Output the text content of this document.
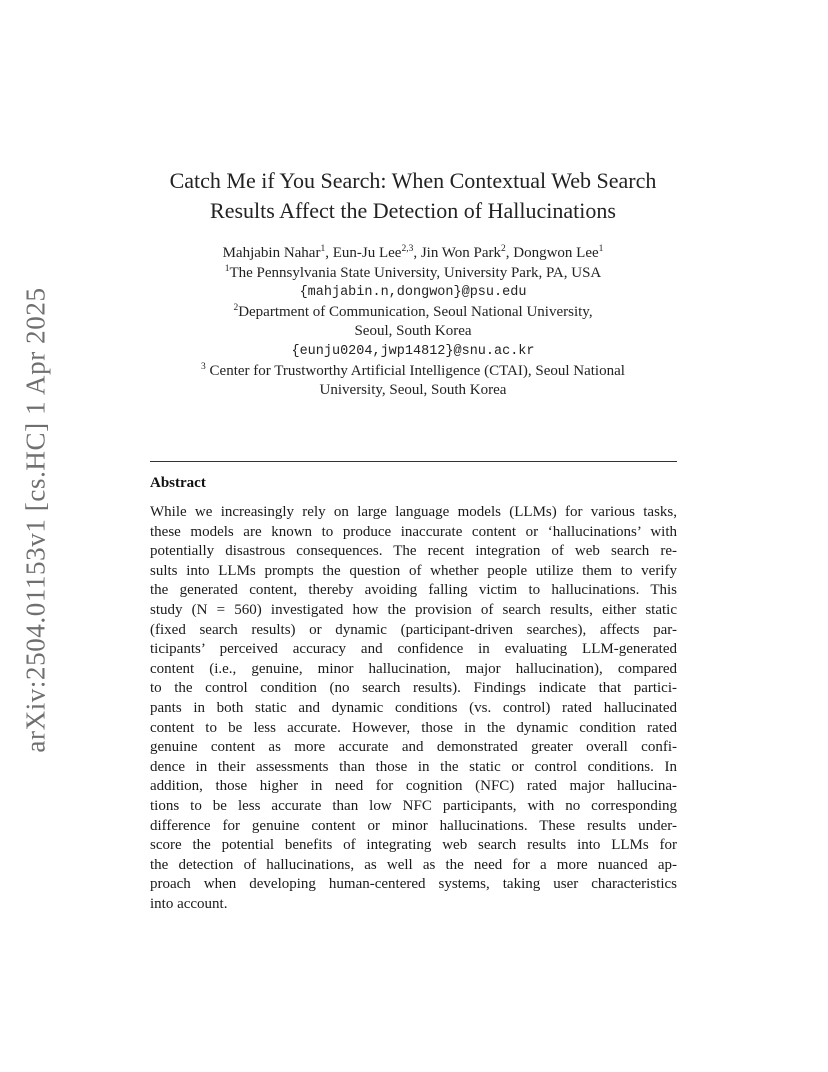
arXiv:2504.01153v1 [cs.HC] 1 Apr 2025
Catch Me if You Search: When Contextual Web Search
Results Affect the Detection of Hallucinations
Mahjabin Nahar$^1$, Eun-Ju Lee$^{2,3}$, Jin Won Park$^2$, Dongwon Lee$^1$
$^1$The Pennsylvania State University, University Park, PA, USA
{mahjabin.n,dongwon}@psu.edu
$^2$Department of Communication, Seoul National University,
Seoul, South Korea
{eunju0204,jwp14812}@snu.ac.kr
$^3$ Center for Trustworthy Artificial Intelligence (CTAI), Seoul National
University, Seoul, South Korea
Abstract
While we increasingly rely on large language models (LLMs) for various tasks,
these models are known to produce inaccurate content or ‘hallucinations’ with
potentially disastrous consequences. The recent integration of web search re-
sults into LLMs prompts the question of whether people utilize them to verify
the generated content, thereby avoiding falling victim to hallucinations. This
study (N = 560) investigated how the provision of search results, either static
(fixed search results) or dynamic (participant-driven searches), affects par-
ticipants’ perceived accuracy and confidence in evaluating LLM-generated
content (i.e., genuine, minor hallucination, major hallucination), compared
to the control condition (no search results). Findings indicate that partici-
pants in both static and dynamic conditions (vs. control) rated hallucinated
content to be less accurate. However, those in the dynamic condition rated
genuine content as more accurate and demonstrated greater overall confi-
dence in their assessments than those in the static or control conditions. In
addition, those higher in need for cognition (NFC) rated major hallucina-
tions to be less accurate than low NFC participants, with no corresponding
difference for genuine content or minor hallucinations. These results under-
score the potential benefits of integrating web search results into LLMs for
the detection of hallucinations, as well as the need for a more nuanced ap-
proach when developing human-centered systems, taking user characteristics
into account.
